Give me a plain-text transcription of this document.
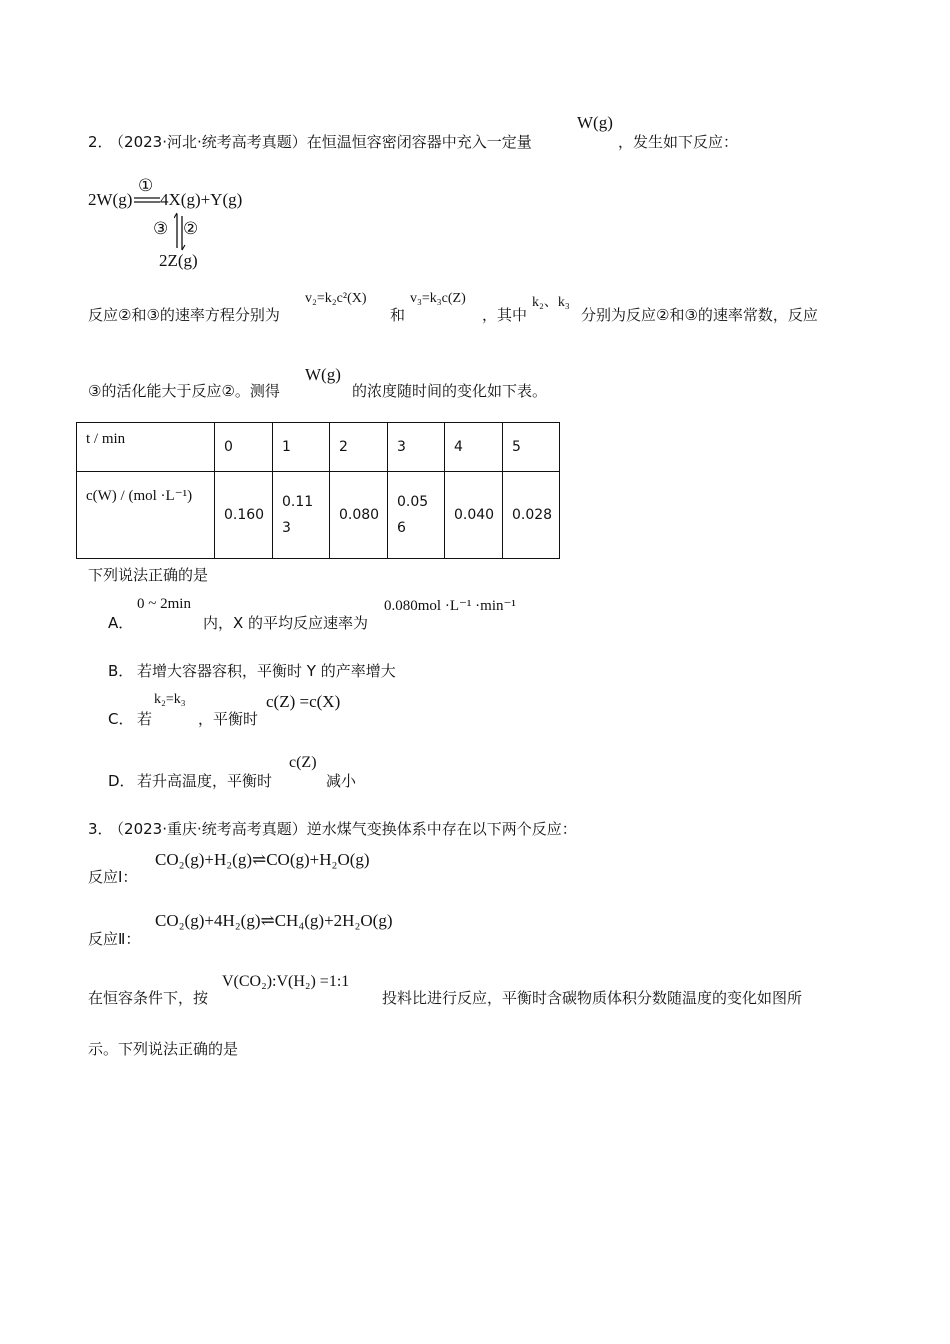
2． （2023·河北·统考高考真题）在恒温恒容密闭容器中充入一定量
W(g)
，发生如下反应：
2W(g)
①
4X(g)+Y(g)
③ ②
2Z(g)
反应②和③的速率方程分别为
v₂=k₂c²(X)
和
v₃=k₃c(Z)
，其中
k₂、k₃
分别为反应②和③的速率常数，反应
③的活化能大于反应②。测得
W(g)
的浓度随时间的变化如下表。
t / min	0	1	2	3	4	5
c(W) / (mol ·L⁻¹)	0.160	0.113	0.080	0.056	0.040	0.028
下列说法正确的是
A．
0 ~ 2min
内，X 的平均反应速率为
0.080mol ·L⁻¹ ·min⁻¹
B． 若增大容器容积，平衡时 Y 的产率增大
C． 若
k₂=k₃
，平衡时
c(Z) =c(X)
D． 若升高温度，平衡时
c(Z)
减小
3． （2023·重庆·统考高考真题）逆水煤气变换体系中存在以下两个反应：
反应Ⅰ：
CO₂(g)+H₂(g)⇌CO(g)+H₂O(g)
反应Ⅱ：
CO₂(g)+4H₂(g)⇌CH₄(g)+2H₂O(g)
在恒容条件下，按
V(CO₂):V(H₂) =1:1
投料比进行反应，平衡时含碳物质体积分数随温度的变化如图所
示。下列说法正确的是
